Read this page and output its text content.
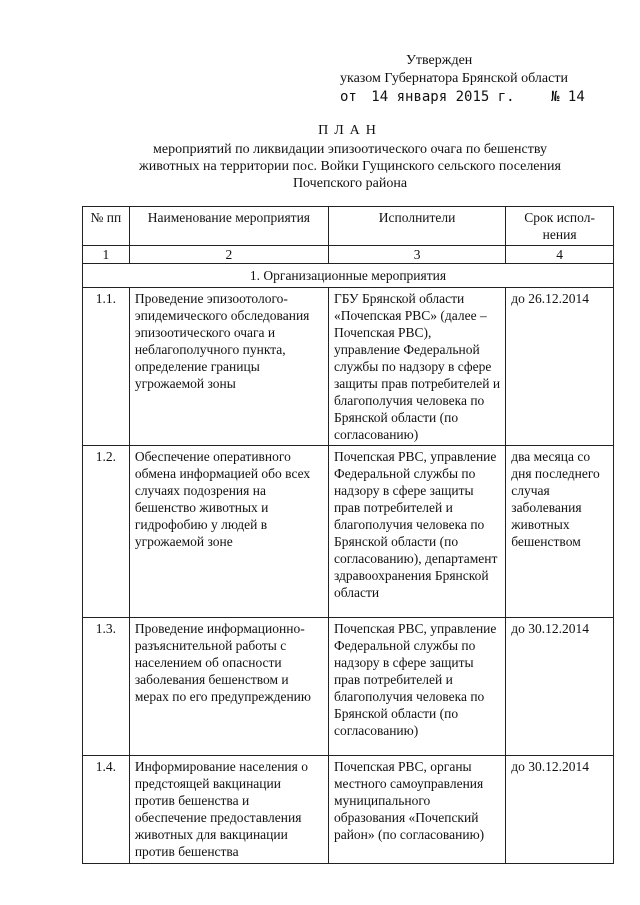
Утвержден
указом Губернатора Брянской области
от 14 января 2015 г.	№ 14
ПЛАН
мероприятий по ликвидации эпизоотического очага по бешенству
животных на территории пос. Войки Гущинского сельского поселения
Почепского района
№ пп	Наименование мероприятия	Исполнители	Срок испол-нения
1	2	3	4
1. Организационные мероприятия			
1.1.	Проведение эпизоотолого-эпидемического обследования эпизоотического очага и неблагополучного пункта, определение границы угрожаемой зоны	ГБУ Брянской области «Почепская РВС» (далее – Почепская РВС), управление Федеральной службы по надзору в сфере защиты прав потребителей и благополучия человека по Брянской области (по согласованию)	до 26.12.2014
1.2.	Обеспечение оперативного обмена информацией обо всех случаях подозрения на бешенство животных и гидрофобию у людей в угрожаемой зоне	Почепская РВС, управление Федеральной службы по надзору в сфере защиты прав потребителей и благополучия человека по Брянской области (по согласованию), департамент здравоохранения Брянской области	два месяца со дня последнего случая заболевания животных бешенством
1.3.	Проведение информационно-разъяснительной работы с населением об опасности заболевания бешенством и мерах по его предупреждению	Почепская РВС, управление Федеральной службы по надзору в сфере защиты прав потребителей и благополучия человека по Брянской области (по согласованию)	до 30.12.2014
1.4.	Информирование населения о предстоящей вакцинации против бешенства и обеспечение предоставления животных для вакцинации против бешенства	Почепская РВС, органы местного самоуправления муниципального образования «Почепский район» (по согласованию)	до 30.12.2014
